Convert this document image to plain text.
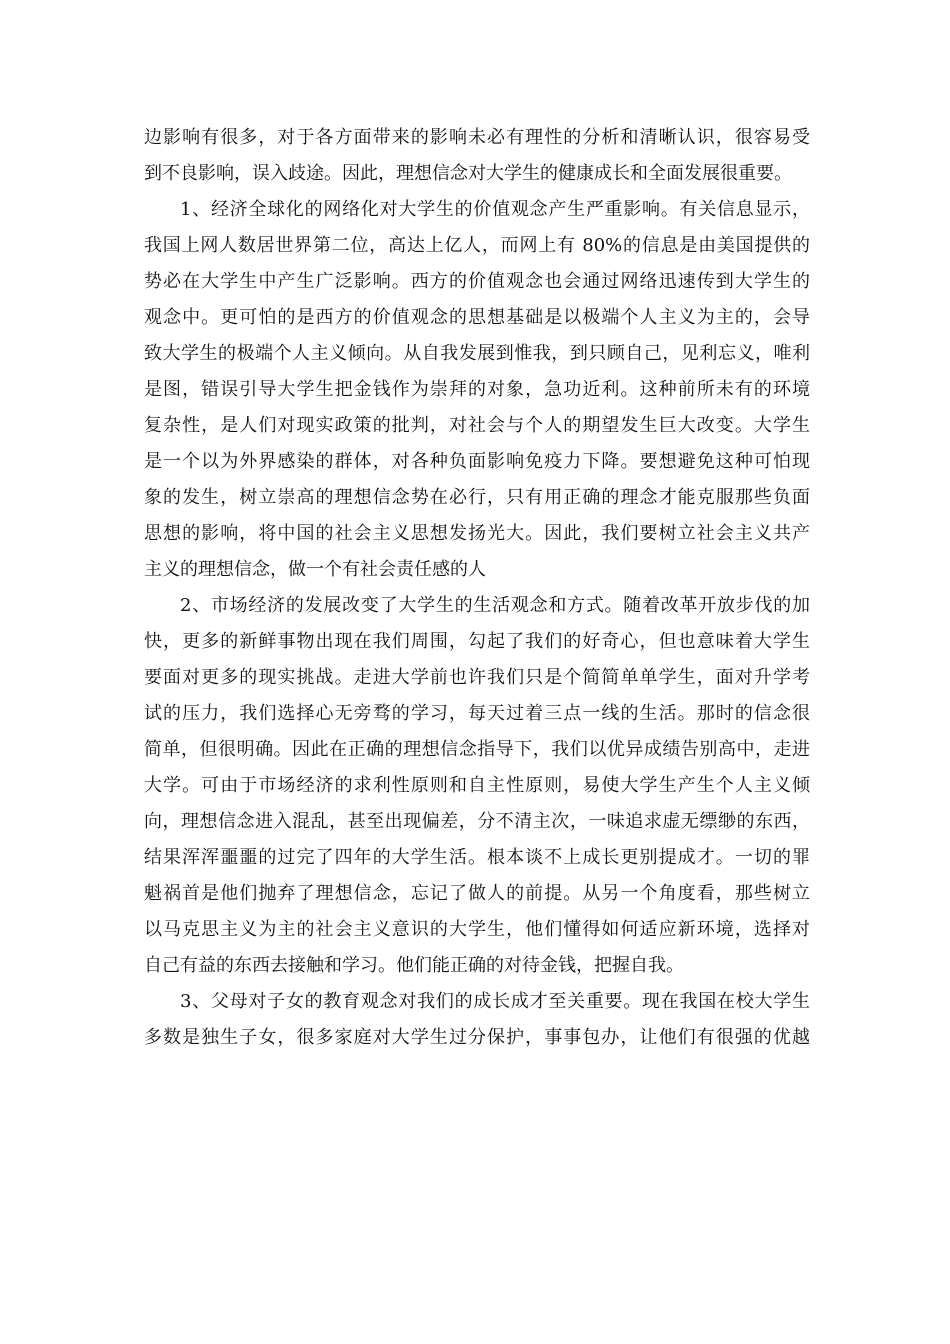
边影响有很多，对于各方面带来的影响未必有理性的分析和清晰认识，很容易受
到不良影响，误入歧途。因此，理想信念对大学生的健康成长和全面发展很重要。
1、经济全球化的网络化对大学生的价值观念产生严重影响。有关信息显示，
我国上网人数居世界第二位，高达上亿人，而网上有 80%的信息是由美国提供的
势必在大学生中产生广泛影响。西方的价值观念也会通过网络迅速传到大学生的
观念中。更可怕的是西方的价值观念的思想基础是以极端个人主义为主的，会导
致大学生的极端个人主义倾向。从自我发展到惟我，到只顾自己，见利忘义，唯利
是图，错误引导大学生把金钱作为崇拜的对象，急功近利。这种前所未有的环境
复杂性，是人们对现实政策的批判，对社会与个人的期望发生巨大改变。大学生
是一个以为外界感染的群体，对各种负面影响免疫力下降。要想避免这种可怕现
象的发生，树立崇高的理想信念势在必行，只有用正确的理念才能克服那些负面
思想的影响，将中国的社会主义思想发扬光大。因此，我们要树立社会主义共产
主义的理想信念，做一个有社会责任感的人
2、市场经济的发展改变了大学生的生活观念和方式。随着改革开放步伐的加
快，更多的新鲜事物出现在我们周围，勾起了我们的好奇心，但也意味着大学生
要面对更多的现实挑战。走进大学前也许我们只是个简简单单学生，面对升学考
试的压力，我们选择心无旁骛的学习，每天过着三点一线的生活。那时的信念很
简单，但很明确。因此在正确的理想信念指导下，我们以优异成绩告别高中，走进
大学。可由于市场经济的求利性原则和自主性原则，易使大学生产生个人主义倾
向，理想信念进入混乱，甚至出现偏差，分不清主次，一味追求虚无缥缈的东西，
结果浑浑噩噩的过完了四年的大学生活。根本谈不上成长更别提成才。一切的罪
魁祸首是他们抛弃了理想信念，忘记了做人的前提。从另一个角度看，那些树立
以马克思主义为主的社会主义意识的大学生，他们懂得如何适应新环境，选择对
自己有益的东西去接触和学习。他们能正确的对待金钱，把握自我。
3、父母对子女的教育观念对我们的成长成才至关重要。现在我国在校大学生
多数是独生子女，很多家庭对大学生过分保护，事事包办，让他们有很强的优越
